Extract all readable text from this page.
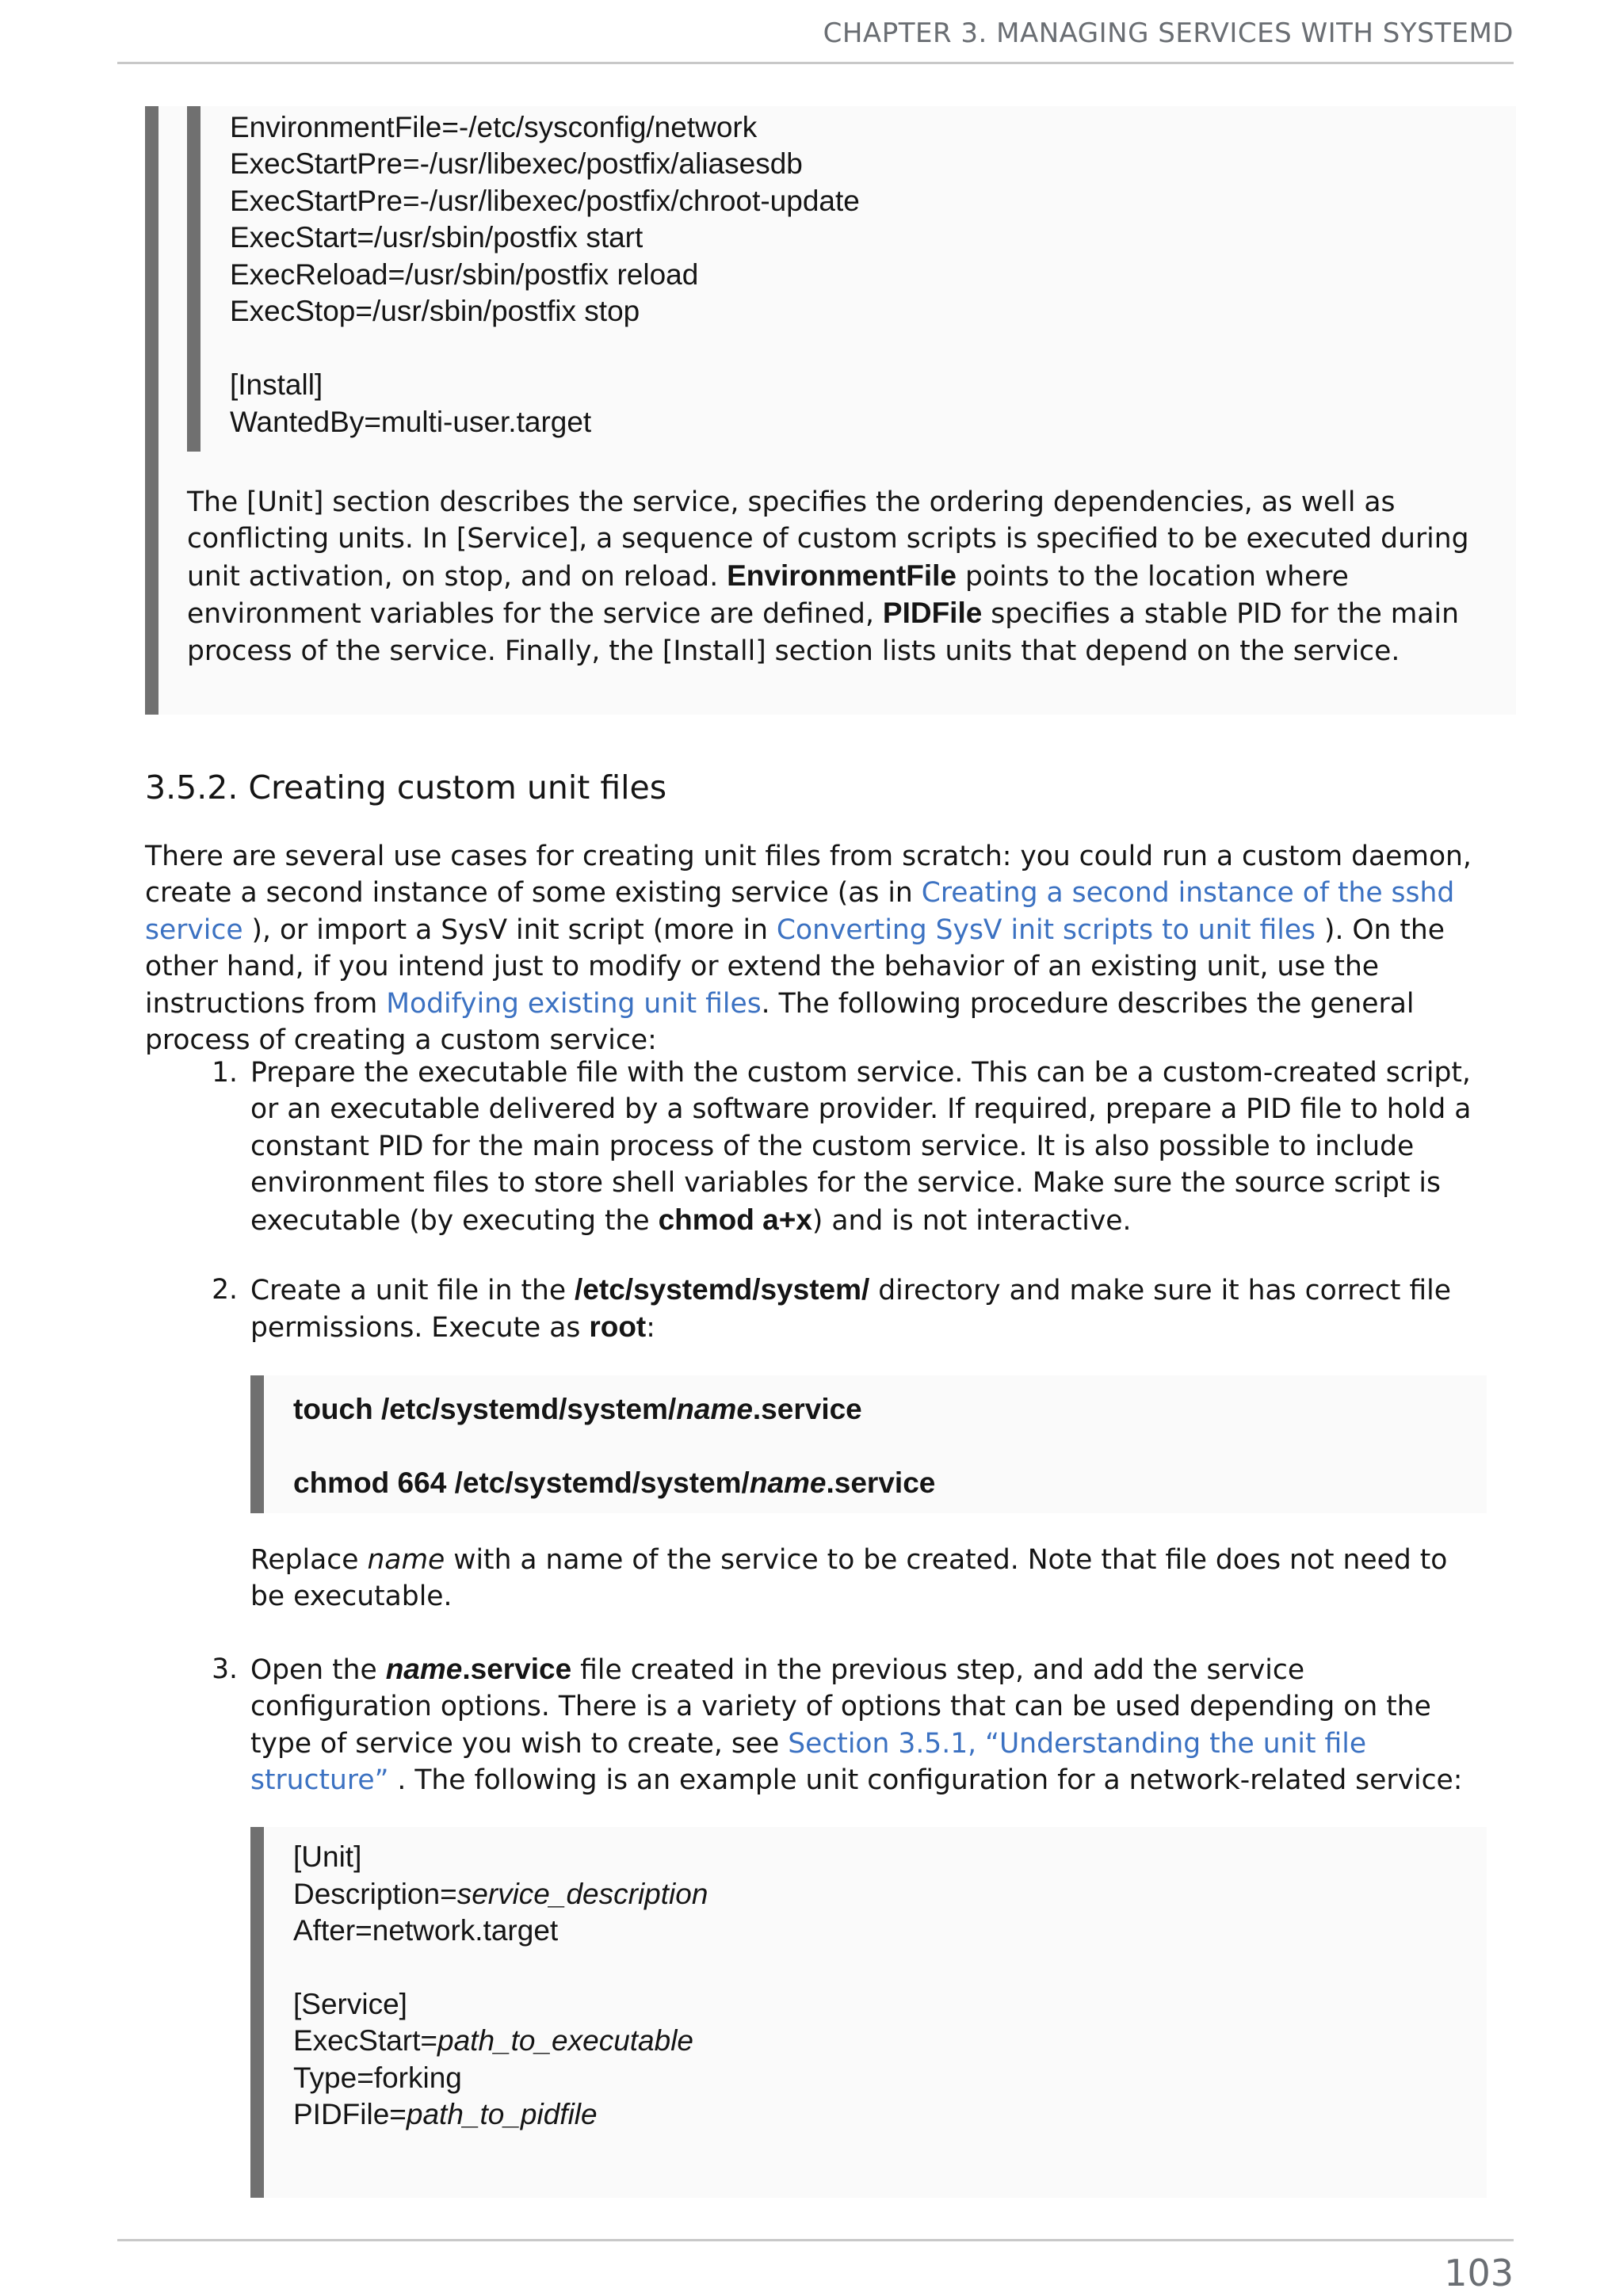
CHAPTER 3. MANAGING SERVICES WITH SYSTEMD
EnvironmentFile=-/etc/sysconfig/network
ExecStartPre=-/usr/libexec/postfix/aliasesdb
ExecStartPre=-/usr/libexec/postfix/chroot-update
ExecStart=/usr/sbin/postfix start
ExecReload=/usr/sbin/postfix reload
ExecStop=/usr/sbin/postfix stop
[Install]
WantedBy=multi-user.target

The [Unit] section describes the service, specifies the ordering dependencies, as well as conflicting units. In [Service], a sequence of custom scripts is specified to be executed during unit activation, on stop, and on reload. EnvironmentFile points to the location where environment variables for the service are defined, PIDFile specifies a stable PID for the main process of the service. Finally, the [Install] section lists units that depend on the service.

3.5.2. Creating custom unit files

There are several use cases for creating unit files from scratch: you could run a custom daemon, create a second instance of some existing service (as in Creating a second instance of the sshd service ), or import a SysV init script (more in Converting SysV init scripts to unit files ). On the other hand, if you intend just to modify or extend the behavior of an existing unit, use the instructions from Modifying existing unit files. The following procedure describes the general process of creating a custom service:

1. Prepare the executable file with the custom service. This can be a custom-created script, or an executable delivered by a software provider. If required, prepare a PID file to hold a constant PID for the main process of the custom service. It is also possible to include environment files to store shell variables for the service. Make sure the source script is executable (by executing the chmod a+x) and is not interactive.

2. Create a unit file in the /etc/systemd/system/ directory and make sure it has correct file permissions. Execute as root:

touch /etc/systemd/system/name.service
chmod 664 /etc/systemd/system/name.service

Replace name with a name of the service to be created. Note that file does not need to be executable.

3. Open the name.service file created in the previous step, and add the service configuration options. There is a variety of options that can be used depending on the type of service you wish to create, see Section 3.5.1, “Understanding the unit file structure” . The following is an example unit configuration for a network-related service:

[Unit]
Description=service_description
After=network.target
[Service]
ExecStart=path_to_executable
Type=forking
PIDFile=path_to_pidfile
103
